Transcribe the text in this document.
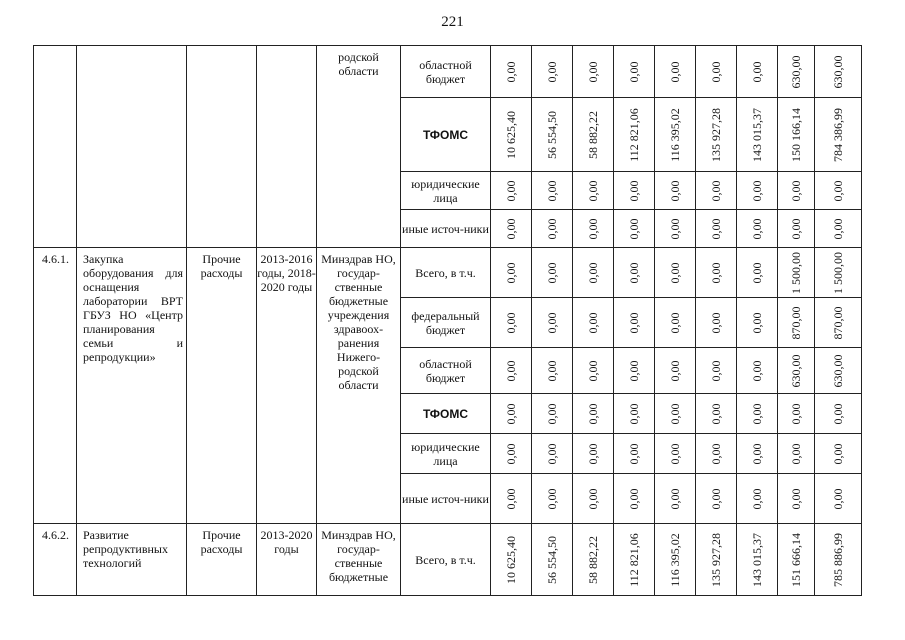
221
				родской области	областной бюджет	0,00	0,00	0,00	0,00	0,00	0,00	0,00	630,00	630,00

					ТФОМС	10 625,40	56 554,50	58 882,22	112 821,06	116 395,02	135 927,28	143 015,37	150 166,14	784 386,99

					юридические лица	0,00	0,00	0,00	0,00	0,00	0,00	0,00	0,00	0,00

					иные источ-ники	0,00	0,00	0,00	0,00	0,00	0,00	0,00	0,00	0,00

4.6.1.	Закупка оборудования для оснащения лаборатории ВРТ ГБУЗ НО «Центр планирования семьи и репродукции»	Прочие расходы	2013-2016 годы, 2018-2020 годы	Минздрав НО, государ-ственные бюджетные учреждения здравоох-ранения Нижего-родской области	Всего, в т.ч.	0,00	0,00	0,00	0,00	0,00	0,00	0,00	1 500,00	1 500,00

					федеральный бюджет	0,00	0,00	0,00	0,00	0,00	0,00	0,00	870,00	870,00

					областной бюджет	0,00	0,00	0,00	0,00	0,00	0,00	0,00	630,00	630,00

					ТФОМС	0,00	0,00	0,00	0,00	0,00	0,00	0,00	0,00	0,00

					юридические лица	0,00	0,00	0,00	0,00	0,00	0,00	0,00	0,00	0,00

					иные источ-ники	0,00	0,00	0,00	0,00	0,00	0,00	0,00	0,00	0,00

4.6.2.	Развитие репродуктивных технологий	Прочие расходы	2013-2020 годы	Минздрав НО, государ-ственные бюджетные	Всего, в т.ч.	10 625,40	56 554,50	58 882,22	112 821,06	116 395,02	135 927,28	143 015,37	151 666,14	785 886,99
